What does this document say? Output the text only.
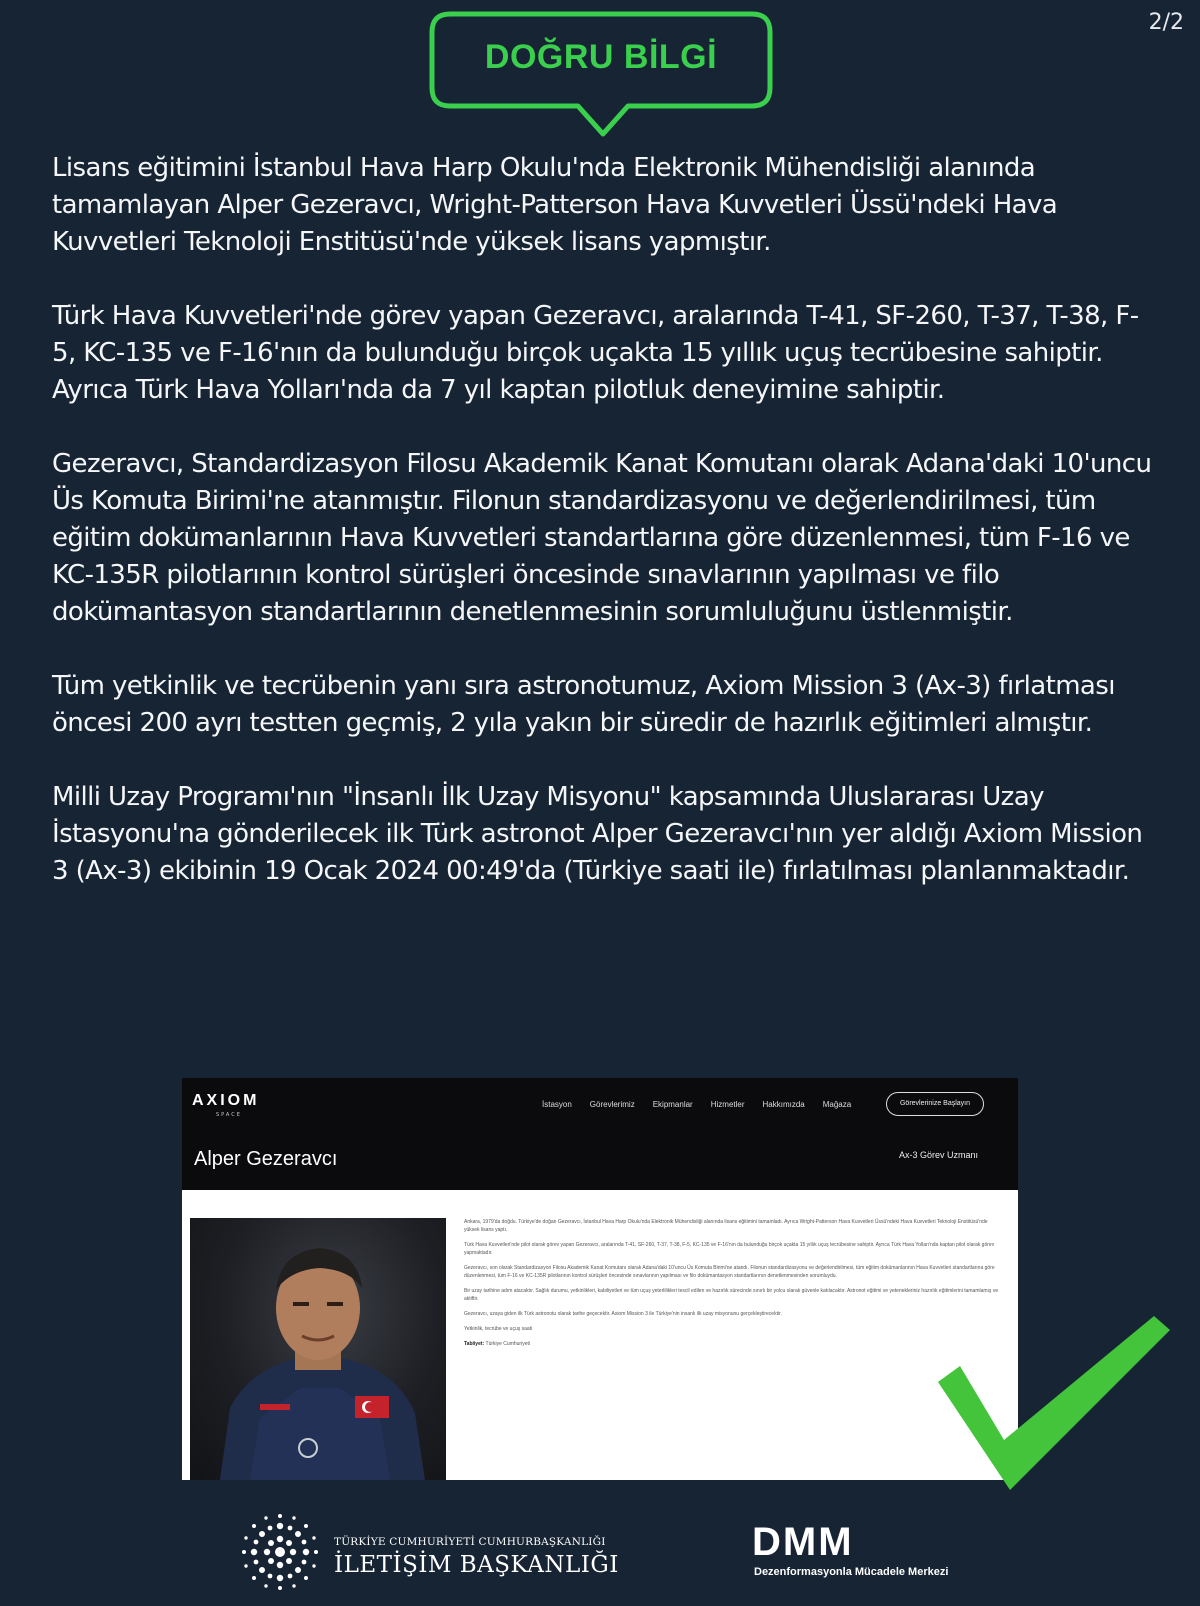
2/2
DOĞRU BİLGİ

Lisans eğitimini İstanbul Hava Harp Okulu'nda Elektronik Mühendisliği alanında tamamlayan Alper Gezeravcı, Wright-Patterson Hava Kuvvetleri Üssü'ndeki Hava Kuvvetleri Teknoloji Enstitüsü'nde yüksek lisans yapmıştır.

Türk Hava Kuvvetleri'nde görev yapan Gezeravcı, aralarında T-41, SF-260, T-37, T-38, F-5, KC-135 ve F-16'nın da bulunduğu birçok uçakta 15 yıllık uçuş tecrübesine sahiptir. Ayrıca Türk Hava Yolları'nda da 7 yıl kaptan pilotluk deneyimine sahiptir.

Gezeravcı, Standardizasyon Filosu Akademik Kanat Komutanı olarak Adana'daki 10'uncu Üs Komuta Birimi'ne atanmıştır. Filonun standardizasyonu ve değerlendirilmesi, tüm eğitim dokümanlarının Hava Kuvvetleri standartlarına göre düzenlenmesi, tüm F-16 ve KC-135R pilotlarının kontrol sürüşleri öncesinde sınavlarının yapılması ve filo dokümantasyon standartlarının denetlenmesinin sorumluluğunu üstlenmiştir.

Tüm yetkinlik ve tecrübenin yanı sıra astronotumuz, Axiom Mission 3 (Ax-3) fırlatması öncesi 200 ayrı testten geçmiş, 2 yıla yakın bir süredir de hazırlık eğitimleri almıştır.

Milli Uzay Programı'nın "İnsanlı İlk Uzay Misyonu" kapsamında Uluslararası Uzay İstasyonu'na gönderilecek ilk Türk astronot Alper Gezeravcı'nın yer aldığı Axiom Mission 3 (Ax-3) ekibinin 19 Ocak 2024 00:49'da (Türkiye saati ile) fırlatılması planlanmaktadır.

AXIOM
SPACE
İstasyon Görevlerimiz Ekipmanlar Hizmetler Hakkımızda Mağaza	Görevlerinize Başlayın
Alper Gezeravcı	Ax-3 Görev Uzmanı

Ankara, 1979'da doğdu. Türkiye'de doğan Gezeravcı, İstanbul Hava Harp Okulu'nda Elektronik Mühendisliği alanında lisans eğitimini tamamladı. Ayrıca Wright-Patterson Hava Kuvvetleri Üssü'ndeki Hava Kuvvetleri Teknoloji Enstitüsü'nde yüksek lisans yaptı.

Türk Hava Kuvvetleri'nde pilot olarak görev yapan Gezeravcı, aralarında T-41, SF-260, T-37, T-38, F-5, KC-135 ve F-16'nın da bulunduğu birçok uçakta 15 yıllık uçuş tecrübesine sahiptir. Ayrıca Türk Hava Yolları'nda kaptan pilot olarak görev yapmaktadır.

Gezeravcı, son olarak Standardizasyon Filosu Akademik Kanat Komutanı olarak Adana'daki 10'uncu Üs Komuta Birimi'ne atandı. Filonun standardizasyonu ve değerlendirilmesi, tüm eğitim dokümanlarının Hava Kuvvetleri standartlarına göre düzenlenmesi, tüm F-16 ve KC-135R pilotlarının kontrol sürüşleri öncesinde sınavlarının yapılması ve filo dokümantasyon standartlarının denetlenmesinden sorumluydu.

Bir uzay tarihine adım atacaktır. Sağlık durumu, yetkinlikleri, kabiliyetleri ve tüm uçuş yeterlilikleri tescil edilen ve hazırlık sürecinde sınırlı bir yolcu olarak güvenle katılacaktır. Astronot eğitimi ve yetenekleriniz hazırlık eğitimlerini tamamlamış ve aktiftir.

Gezeravcı, uzaya giden ilk Türk astronotu olarak tarihe geçecektir. Axiom Mission 3 ile Türkiye'nin insanlı ilk uzay misyonunu gerçekleştirecektir.

Yetkinlik, tecrübe ve uçuş saati

Tabiiyet: Türkiye Cumhuriyeti

TÜRKİYE CUMHURİYETİ CUMHURBAŞKANLIĞI
İLETİŞİM BAŞKANLIĞI
DMM
Dezenformasyonla Mücadele Merkezi
